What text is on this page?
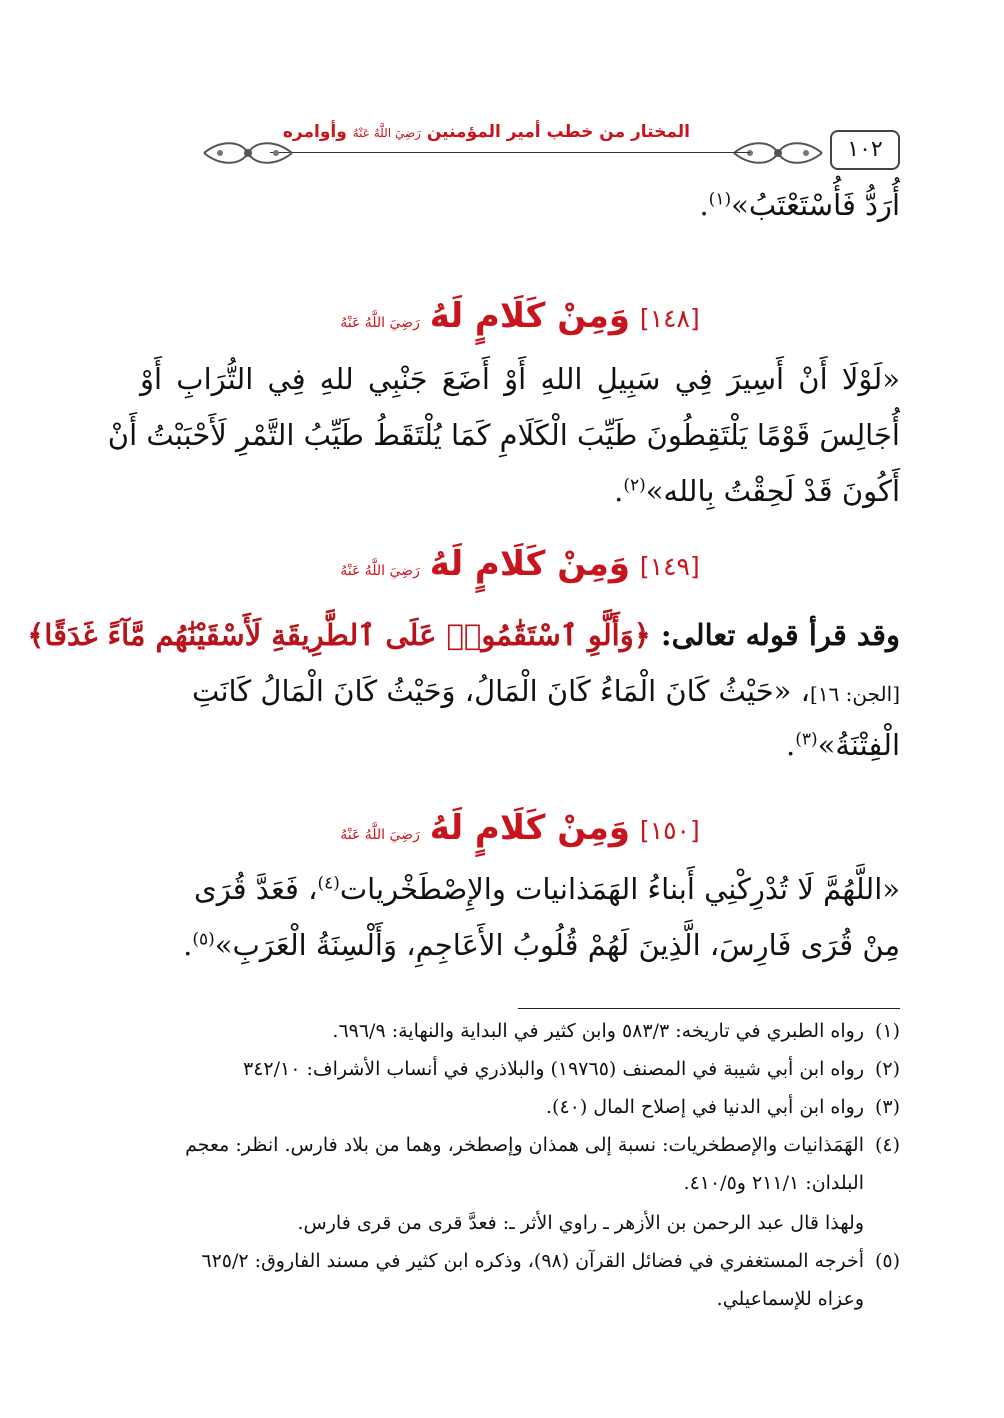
١٠٢
المختار من خطب أمير المؤمنين رَضِيَ اللَّهُ عَنْهُ وأوامره
أُرَدُّ فَأُسْتَعْتَبُ»$^{(١)}$.
[١٤٨] وَمِنْ كَلَامٍ لَهُ رَضِيَ اللَّهُ عَنْهُ
«لَوْلَا أَنْ أَسِيرَ فِي سَبِيلِ اللهِ أَوْ أَضَعَ جَنْبِي للهِ فِي التُّرَابِ أَوْ
أُجَالِسَ قَوْمًا يَلْتَقِطُونَ طَيِّبَ الْكَلَامِ كَمَا يُلْتَقَطُ طَيِّبُ التَّمْرِ لَأَحْبَبْتُ أَنْ
أَكُونَ قَدْ لَحِقْتُ بِالله»$^{(٢)}$.
[١٤٩] وَمِنْ كَلَامٍ لَهُ رَضِيَ اللَّهُ عَنْهُ
وقد قرأ قوله تعالى: ﴿وَأَلَّوِ ٱسْتَقَٰمُوا۟ عَلَى ٱلطَّرِيقَةِ لَأَسْقَيْنَٰهُم مَّآءً غَدَقًا﴾
[الجن: ١٦]، «حَيْثُ كَانَ الْمَاءُ كَانَ الْمَالُ، وَحَيْثُ كَانَ الْمَالُ كَانَتِ
الْفِتْنَةُ»$^{(٣)}$.
[١٥٠] وَمِنْ كَلَامٍ لَهُ رَضِيَ اللَّهُ عَنْهُ
«اللَّهُمَّ لَا تُدْرِكْنِي أَبناءُ الهَمَذانيات والإِصْطَخْريات$^{(٤)}$، فَعَدَّ قُرَى
مِنْ قُرَى فَارِسَ، الَّذِينَ لَهُمْ قُلُوبُ الأَعَاجِمِ، وَأَلْسِنَةُ الْعَرَبِ»$^{(٥)}$.
(١)رواه الطبري في تاريخه: ٥٨٣/٣ وابن كثير في البداية والنهاية: ٦٩٦/٩.
(٢)رواه ابن أبي شيبة في المصنف (١٩٧٦٥) والبلاذري في أنساب الأشراف: ٣٤٢/١٠
(٣)رواه ابن أبي الدنيا في إصلاح المال (٤٠).
(٤)الهَمَذانيات والإصطخريات: نسبة إلى همذان وإصطخر، وهما من بلاد فارس. انظر: معجم
البلدان: ٢١١/١ و٤١٠/٥.
ولهذا قال عبد الرحمن بن الأزهر ـ راوي الأثر ـ: فعدَّ قرى من قرى فارس.
(٥)أخرجه المستغفري في فضائل القرآن (٩٨)، وذكره ابن كثير في مسند الفاروق: ٦٢٥/٢
وعزاه للإسماعيلي.
